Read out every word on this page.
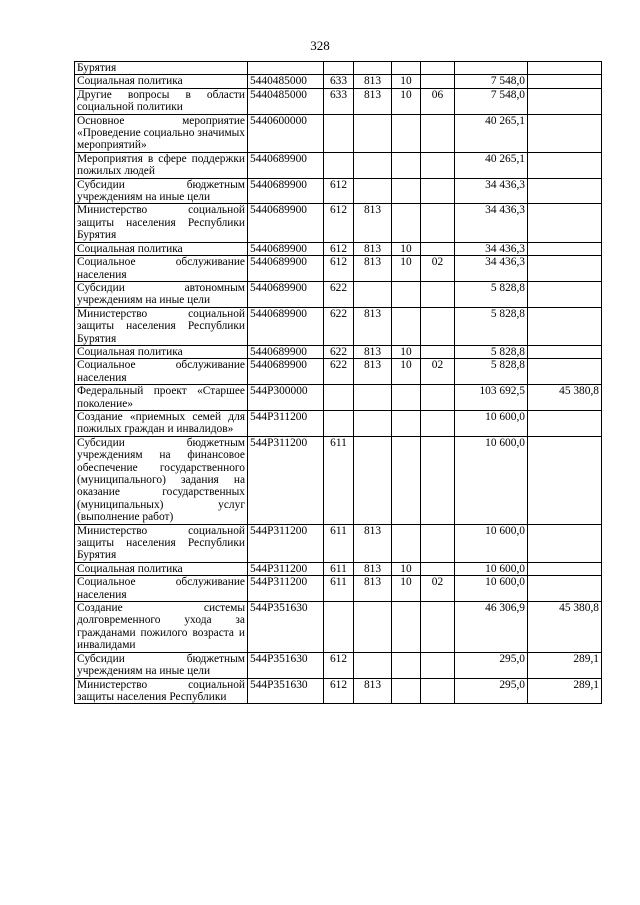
328
Бурятия							
Социальная политика	5440485000	633	813	10		7 548,0	
Другие вопросы в области социальной политики	5440485000	633	813	10	06	7 548,0	
Основное мероприятие «Проведение социально значимых мероприятий»	5440600000					40 265,1	
Мероприятия в сфере поддержки пожилых людей	5440689900					40 265,1	
Субсидии бюджетным учреждениям на иные цели	5440689900	612				34 436,3	
Министерство социальной защиты населения Республики Бурятия	5440689900	612	813			34 436,3	
Социальная политика	5440689900	612	813	10		34 436,3	
Социальное обслуживание населения	5440689900	612	813	10	02	34 436,3	
Субсидии автономным учреждениям на иные цели	5440689900	622				5 828,8	
Министерство социальной защиты населения Республики Бурятия	5440689900	622	813			5 828,8	
Социальная политика	5440689900	622	813	10		5 828,8	
Социальное обслуживание населения	5440689900	622	813	10	02	5 828,8	
Федеральный проект «Старшее поколение»	544P300000					103 692,5	45 380,8
Создание «приемных семей для пожилых граждан и инвалидов»	544P311200					10 600,0	
Субсидии бюджетным учреждениям на финансовое обеспечение государственного (муниципального) задания на оказание государственных (муниципальных) услуг (выполнение работ)	544P311200	611				10 600,0	
Министерство социальной защиты населения Республики Бурятия	544P311200	611	813			10 600,0	
Социальная политика	544P311200	611	813	10		10 600,0	
Социальное обслуживание населения	544P311200	611	813	10	02	10 600,0	
Создание системы долговременного ухода за гражданами пожилого возраста и инвалидами	544P351630					46 306,9	45 380,8
Субсидии бюджетным учреждениям на иные цели	544P351630	612				295,0	289,1
Министерство социальной защиты населения Республики	544P351630	612	813			295,0	289,1
